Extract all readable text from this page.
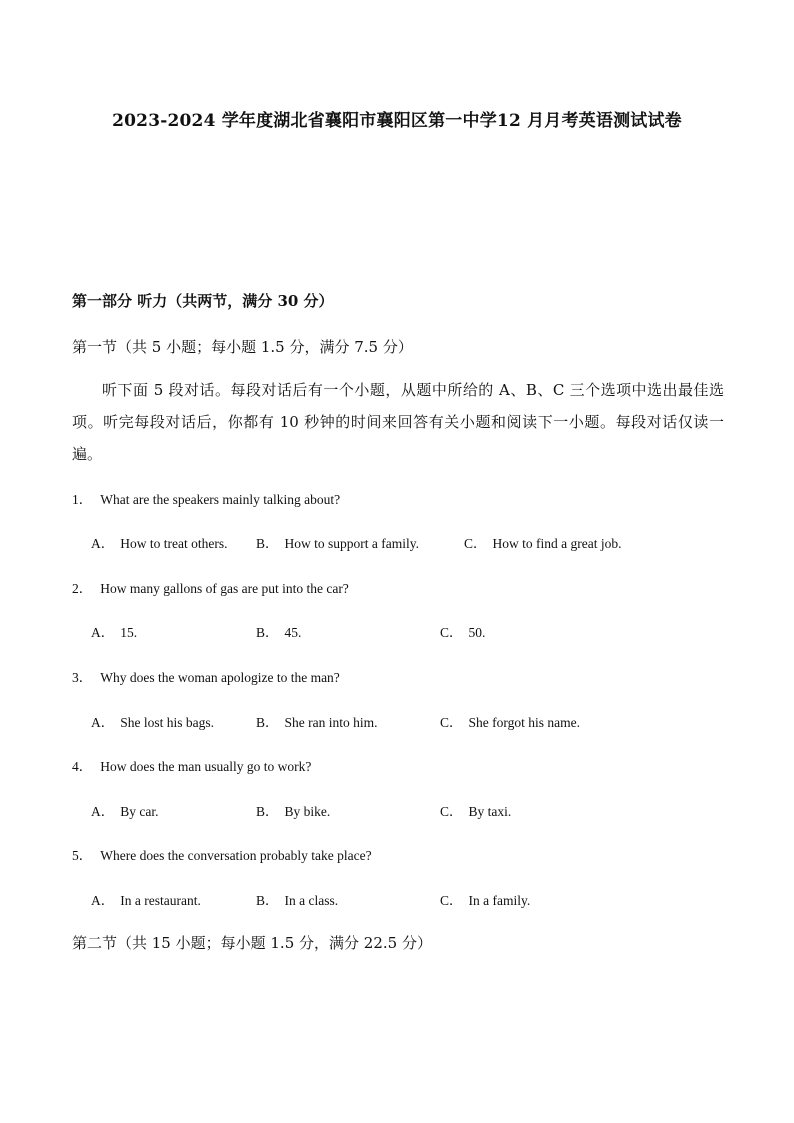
2023-2024 学年度湖北省襄阳市襄阳区第一中学12 月月考英语测试试卷
第一部分 听力（共两节，满分 30 分）
第一节（共 5 小题；每小题 1.5 分，满分 7.5 分）
听下面 5 段对话。每段对话后有一个小题，从题中所给的 A、B、C 三个选项中选出最佳选项。听完每段对话后，你都有 10 秒钟的时间来回答有关小题和阅读下一小题。每段对话仅读一遍。
1． What are the speakers mainly talking about?
A． How to treat others. B． How to support a family.	C． How to find a great job.
2． How many gallons of gas are put into the car?
A． 15.	B． 45.	C． 50.
3． Why does the woman apologize to the man?
A． She lost his bags.	B． She ran into him.	C． She forgot his name.
4． How does the man usually go to work?
A． By car.	B． By bike.	C． By taxi.
5． Where does the conversation probably take place?
A． In a restaurant.	B． In a class.	C． In a family.
第二节（共 15 小题；每小题 1.5 分，满分 22.5 分）
